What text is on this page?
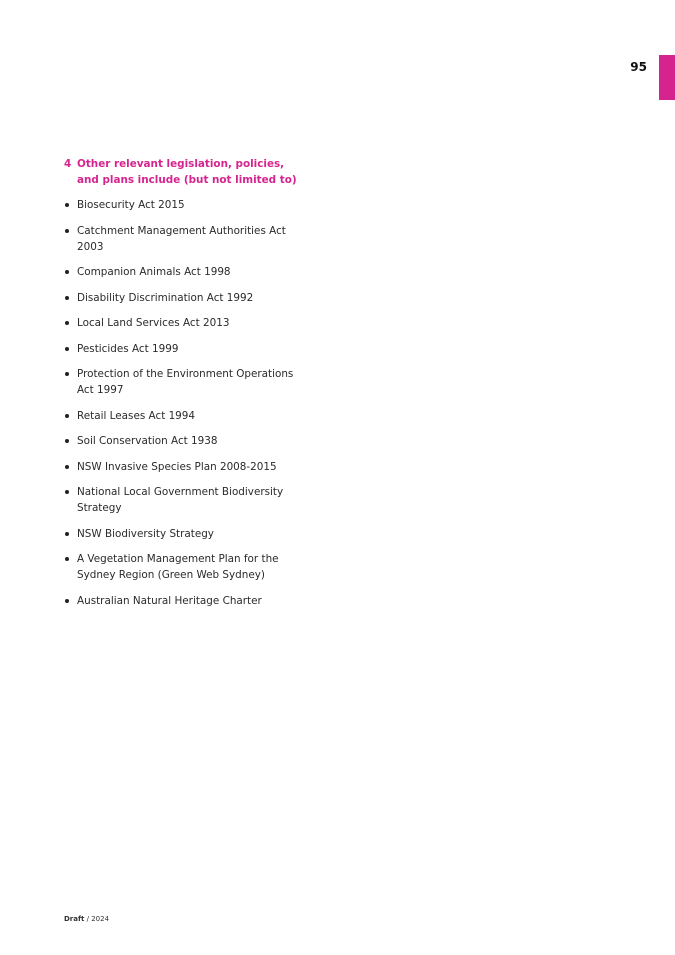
95
4 Other relevant legislation, policies, and plans include (but not limited to)
Biosecurity Act 2015
Catchment Management Authorities Act 2003
Companion Animals Act 1998
Disability Discrimination Act 1992
Local Land Services Act 2013
Pesticides Act 1999
Protection of the Environment Operations Act 1997
Retail Leases Act 1994
Soil Conservation Act 1938
NSW Invasive Species Plan 2008-2015
National Local Government Biodiversity Strategy
NSW Biodiversity Strategy
A Vegetation Management Plan for the Sydney Region (Green Web Sydney)
Australian Natural Heritage Charter
Draft / 2024
